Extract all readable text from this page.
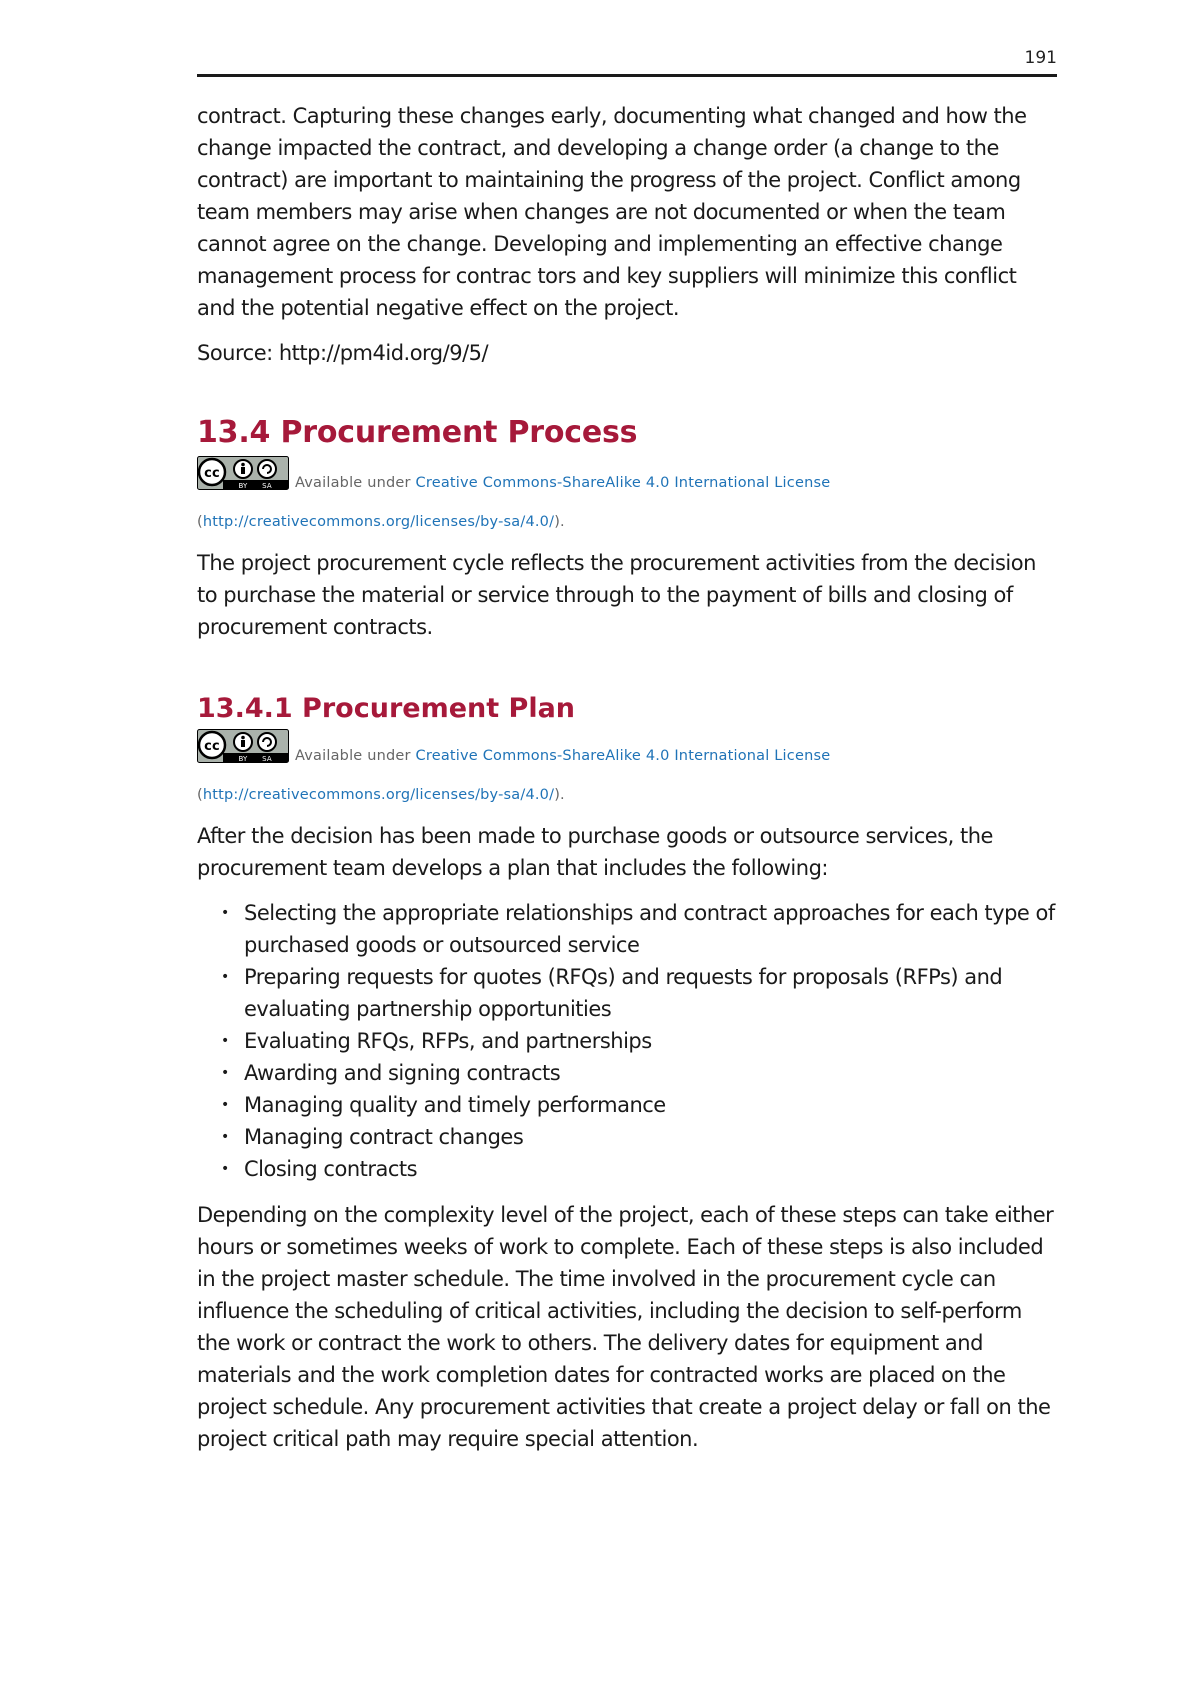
191

contract. Capturing these changes early, documenting what changed and how the change impacted the contract, and developing a change order (a change to the contract) are important to maintaining the progress of the project. Conflict among team members may arise when changes are not documented or when the team cannot agree on the change. Developing and implementing an effective change management process for contrac tors and key suppliers will minimize this conflict and the potential negative effect on the project.

Source: http://pm4id.org/9/5/

13.4 Procurement Process
cc
BY SA Available under Creative Commons-ShareAlike 4.0 International License (http://creativecommons.org/licenses/by-sa/4.0/).

The project procurement cycle reflects the procurement activities from the decision to purchase the material or service through to the payment of bills and closing of procurement contracts.

13.4.1 Procurement Plan
cc
BY SA Available under Creative Commons-ShareAlike 4.0 International License (http://creativecommons.org/licenses/by-sa/4.0/).

After the decision has been made to purchase goods or outsource services, the procurement team develops a plan that includes the following:

• Selecting the appropriate relationships and contract approaches for each type of purchased goods or outsourced service
• Preparing requests for quotes (RFQs) and requests for proposals (RFPs) and evaluating partnership opportunities
• Evaluating RFQs, RFPs, and partnerships
• Awarding and signing contracts
• Managing quality and timely performance
• Managing contract changes
• Closing contracts

Depending on the complexity level of the project, each of these steps can take either hours or sometimes weeks of work to complete. Each of these steps is also included in the project master schedule. The time involved in the procurement cycle can influence the scheduling of critical activities, including the decision to self-perform the work or contract the work to others. The delivery dates for equipment and materials and the work completion dates for contracted works are placed on the project schedule. Any procurement activities that create a project delay or fall on the project critical path may require special attention.
